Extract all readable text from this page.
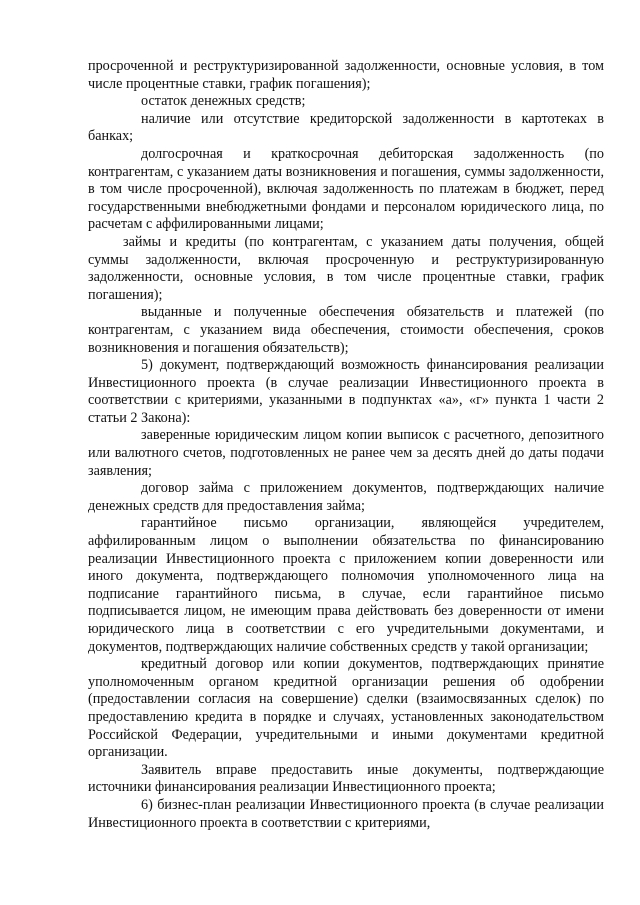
просроченной и реструктуризированной задолженности, основные условия, в том числе процентные ставки, график погашения);

остаток денежных средств;

наличие или отсутствие кредиторской задолженности в картотеках в банках;

долгосрочная и краткосрочная дебиторская задолженность (по контрагентам, с указанием даты возникновения и погашения, суммы задолженности, в том числе просроченной), включая задолженность по платежам в бюджет, перед государственными внебюджетными фондами и персоналом юридического лица, по расчетам с аффилированными лицами;

займы и кредиты (по контрагентам, с указанием даты получения, общей суммы задолженности, включая просроченную и реструктуризированную задолженности, основные условия, в том числе процентные ставки, график погашения);

выданные и полученные обеспечения обязательств и платежей (по контрагентам, с указанием вида обеспечения, стоимости обеспечения, сроков возникновения и погашения обязательств);

5) документ, подтверждающий возможность финансирования реализации Инвестиционного проекта (в случае реализации Инвестиционного проекта в соответствии с критериями, указанными в подпунктах «а», «г» пункта 1 части 2 статьи 2 Закона):

заверенные юридическим лицом копии выписок с расчетного, депозитного или валютного счетов, подготовленных не ранее чем за десять дней до даты подачи заявления;

договор займа с приложением документов, подтверждающих наличие денежных средств для предоставления займа;

гарантийное письмо организации, являющейся учредителем, аффилированным лицом о выполнении обязательства по финансированию реализации Инвестиционного проекта с приложением копии доверенности или иного документа, подтверждающего полномочия уполномоченного лица на подписание гарантийного письма, в случае, если гарантийное письмо подписывается лицом, не имеющим права действовать без доверенности от имени юридического лица в соответствии с его учредительными документами, и документов, подтверждающих наличие собственных средств у такой организации;

кредитный договор или копии документов, подтверждающих принятие уполномоченным органом кредитной организации решения об одобрении (предоставлении согласия на совершение) сделки (взаимосвязанных сделок) по предоставлению кредита в порядке и случаях, установленных законодательством Российской Федерации, учредительными и иными документами кредитной организации.

Заявитель вправе предоставить иные документы, подтверждающие источники финансирования реализации Инвестиционного проекта;

6) бизнес-план реализации Инвестиционного проекта (в случае реализации Инвестиционного проекта в соответствии с критериями,
